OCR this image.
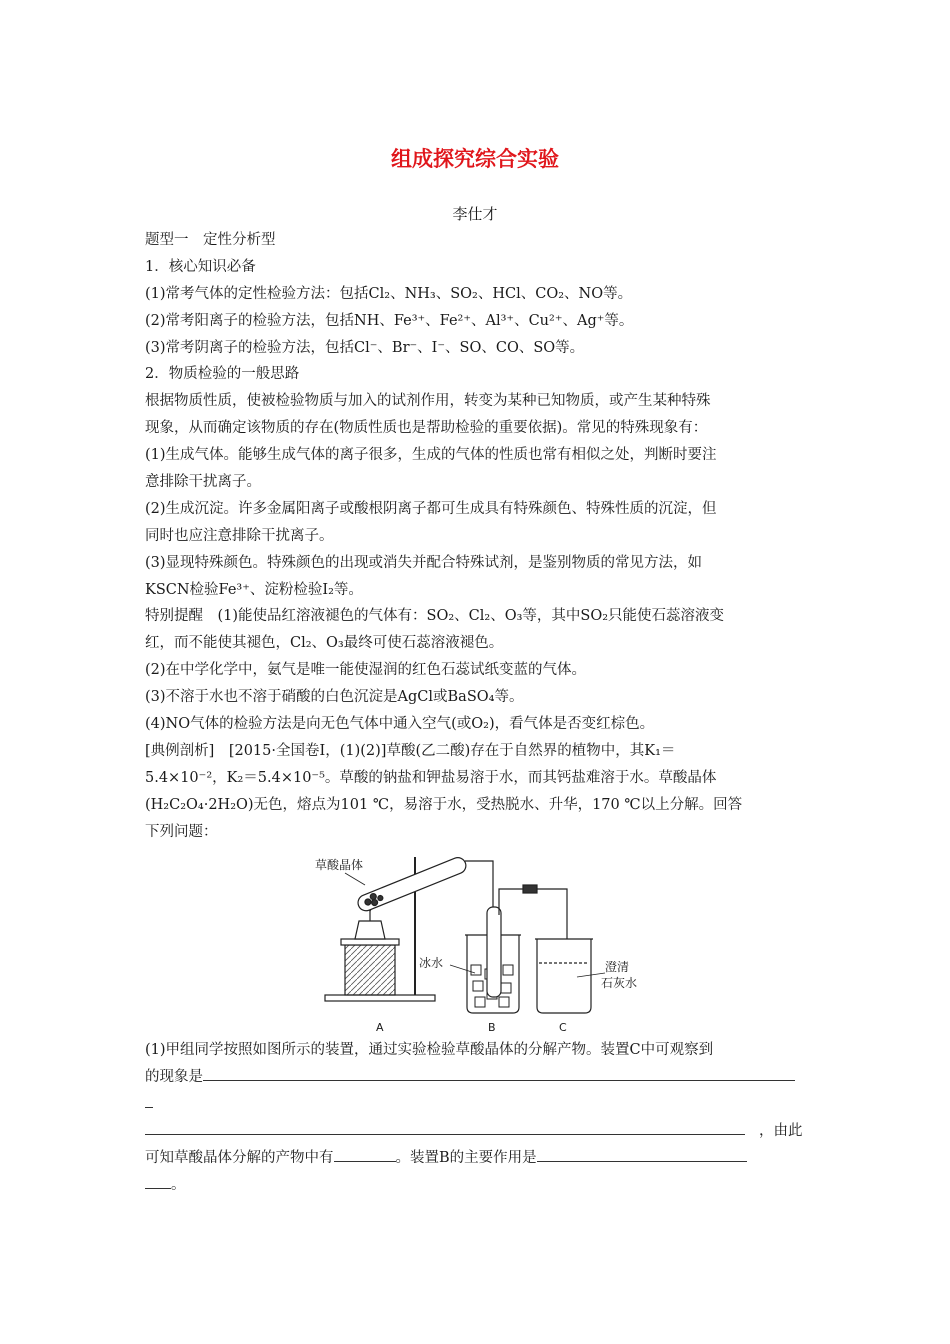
组成探究综合实验
李仕才
题型一　定性分析型
1．核心知识必备
(1)常考气体的定性检验方法：包括Cl₂、NH₃、SO₂、HCl、CO₂、NO等。
(2)常考阳离子的检验方法，包括NH、Fe³⁺、Fe²⁺、Al³⁺、Cu²⁺、Ag⁺等。
(3)常考阴离子的检验方法，包括Cl⁻、Br⁻、I⁻、SO、CO、SO等。
2．物质检验的一般思路
根据物质性质，使被检验物质与加入的试剂作用，转变为某种已知物质，或产生某种特殊
现象，从而确定该物质的存在(物质性质也是帮助检验的重要依据)。常见的特殊现象有：
(1)生成气体。能够生成气体的离子很多，生成的气体的性质也常有相似之处，判断时要注
意排除干扰离子。
(2)生成沉淀。许多金属阳离子或酸根阴离子都可生成具有特殊颜色、特殊性质的沉淀，但
同时也应注意排除干扰离子。
(3)显现特殊颜色。特殊颜色的出现或消失并配合特殊试剂，是鉴别物质的常见方法，如
KSCN检验Fe³⁺、淀粉检验I₂等。
特别提醒　(1)能使品红溶液褪色的气体有：SO₂、Cl₂、O₃等，其中SO₂只能使石蕊溶液变
红，而不能使其褪色，Cl₂、O₃最终可使石蕊溶液褪色。
(2)在中学化学中，氨气是唯一能使湿润的红色石蕊试纸变蓝的气体。
(3)不溶于水也不溶于硝酸的白色沉淀是AgCl或BaSO₄等。
(4)NO气体的检验方法是向无色气体中通入空气(或O₂)，看气体是否变红棕色。
[典例剖析]　[2015·全国卷Ⅰ，(1)(2)]草酸(乙二酸)存在于自然界的植物中，其K₁＝
5.4×10⁻²，K₂＝5.4×10⁻⁵。草酸的钠盐和钾盐易溶于水，而其钙盐难溶于水。草酸晶体
(H₂C₂O₄·2H₂O)无色，熔点为101 ℃，易溶于水，受热脱水、升华，170 ℃以上分解。回答
下列问题：
草酸晶体
冰水	澄清
石灰水
A	B	C
(1)甲组同学按照如图所示的装置，通过实验检验草酸晶体的分解产物。装置C中可观察到
的现象是
，由此
可知草酸晶体分解的产物中有	。装置B的主要作用是
。
